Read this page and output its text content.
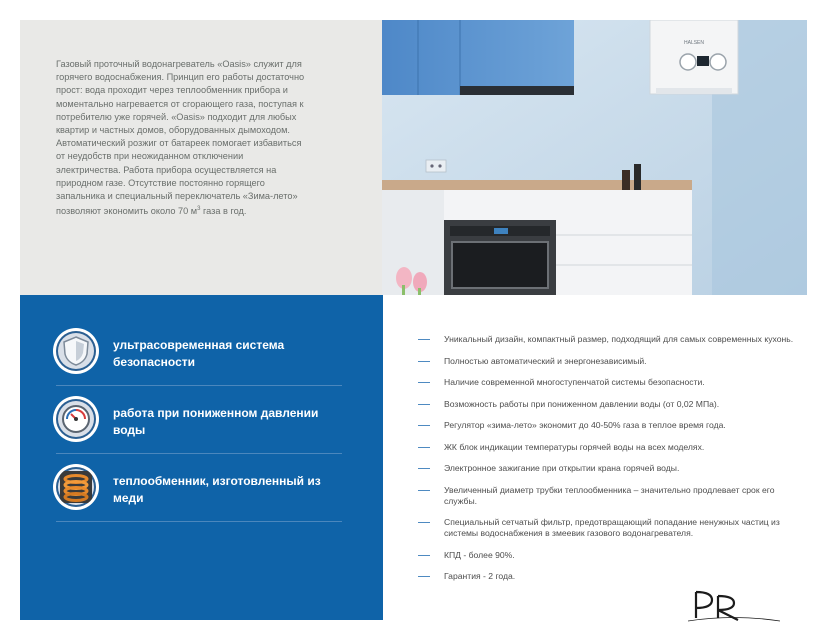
Газовый проточный водонагреватель «Oasis» служит для горячего водоснабжения. Принцип его работы достаточно прост: вода проходит через теплообменник прибора и моментально нагревается от сгорающего газа, поступая к потребителю уже горячей. «Oasis» подходит для любых квартир и частных домов, оборудованных дымоходом. Автоматический розжиг от батареек помогает избавиться от неудобств при неожиданном отключении электричества. Работа прибора осуществляется на природном газе. Отсутствие постоянно горящего запальника и специальный переключатель «Зима-лето» позволяют экономить около 70 $м^3$ газа в год.

HALSEN
ультрасовременная система безопасности
работа при пониженном давлении воды
теплообменник, изготовленный из меди
Уникальный дизайн, компактный размер, подходящий для самых современных кухонь.
Полностью автоматический и энергонезависимый.
Наличие современной многоступенчатой системы безопасности.
Возможность работы при пониженном давлении воды (от 0,02 МПа).
Регулятор «зима-лето» экономит до 40-50% газа в теплое время года.
ЖК блок индикации температуры горячей воды на всех моделях.
Электронное зажигание при открытии крана горячей воды.
Увеличенный диаметр трубки теплообменника – значительно продлевает срок его службы.
Специальный сетчатый фильтр, предотвращающий попадание ненужных частиц из системы водоснабжения в змеевик газового водонагревателя.
КПД - более 90%.
Гарантия - 2 года.
